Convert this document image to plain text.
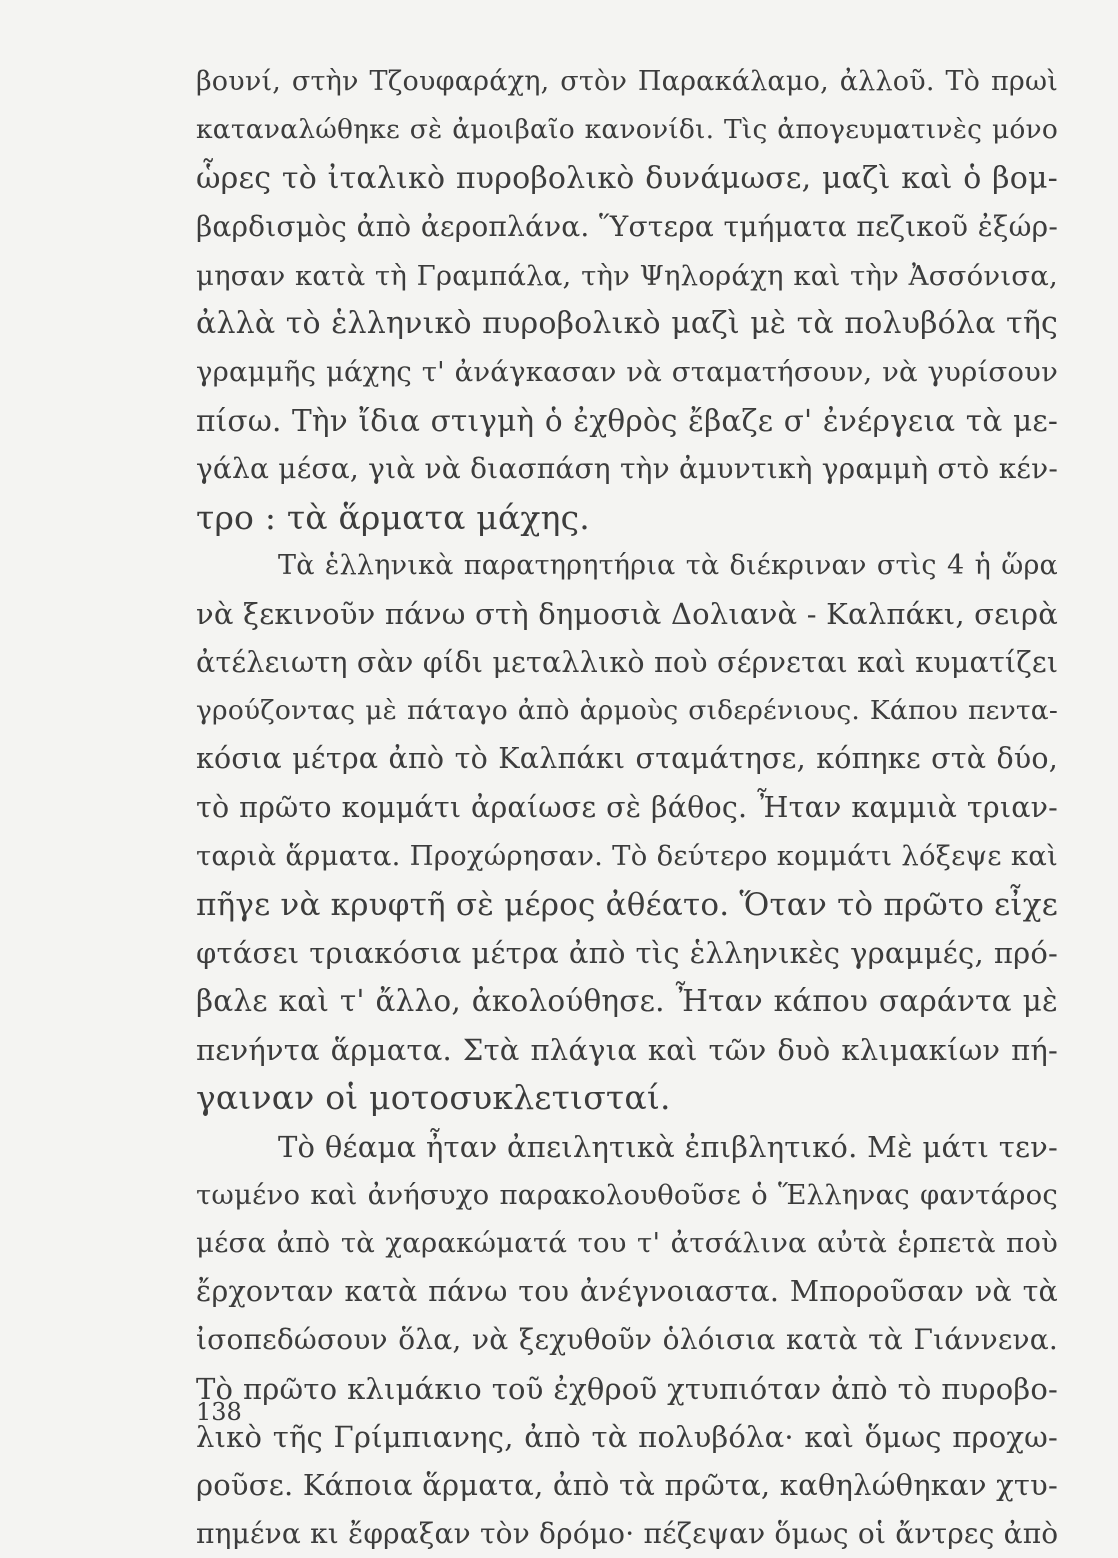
βουνί, στὴν Τζουφαράχη, στὸν Παρακάλαμο, ἀλλοῦ. Τὸ πρωὶ
καταναλώθηκε σὲ ἀμοιβαῖο κανονίδι. Τὶς ἀπογευματινὲς μόνο
ὧρες τὸ ἰταλικὸ πυροβολικὸ δυνάμωσε, μαζὶ καὶ ὁ βομ-
βαρδισμὸς ἀπὸ ἀεροπλάνα. Ὕστερα τμήματα πεζικοῦ ἐξώρ-
μησαν κατὰ τὴ Γραμπάλα, τὴν Ψηλοράχη καὶ τὴν Ἀσσόνισα,
ἀλλὰ τὸ ἑλληνικὸ πυροβολικὸ μαζὶ μὲ τὰ πολυβόλα τῆς
γραμμῆς μάχης τ' ἀνάγκασαν νὰ σταματήσουν, νὰ γυρίσουν
πίσω. Τὴν ἴδια στιγμὴ ὁ ἐχθρὸς ἔβαζε σ' ἐνέργεια τὰ με-
γάλα μέσα, γιὰ νὰ διασπάση τὴν ἀμυντικὴ γραμμὴ στὸ κέν-
τρο : τὰ ἅρματα μάχης.
Τὰ ἑλληνικὰ παρατηρητήρια τὰ διέκριναν στὶς 4 ἡ ὥρα
νὰ ξεκινοῦν πάνω στὴ δημοσιὰ Δολιανὰ - Καλπάκι, σειρὰ
ἀτέλειωτη σὰν φίδι μεταλλικὸ ποὺ σέρνεται καὶ κυματίζει
γρούζοντας μὲ πάταγο ἀπὸ ἁρμοὺς σιδερένιους. Κάπου πεντα-
κόσια μέτρα ἀπὸ τὸ Καλπάκι σταμάτησε, κόπηκε στὰ δύο,
τὸ πρῶτο κομμάτι ἀραίωσε σὲ βάθος. Ἦταν καμμιὰ τριαν-
ταριὰ ἅρματα. Προχώρησαν. Τὸ δεύτερο κομμάτι λόξεψε καὶ
πῆγε νὰ κρυφτῆ σὲ μέρος ἀθέατο. Ὅταν τὸ πρῶτο εἶχε
φτάσει τριακόσια μέτρα ἀπὸ τὶς ἑλληνικὲς γραμμές, πρό-
βαλε καὶ τ' ἄλλο, ἀκολούθησε. Ἦταν κάπου σαράντα μὲ
πενήντα ἅρματα. Στὰ πλάγια καὶ τῶν δυὸ κλιμακίων πή-
γαιναν οἱ μοτοσυκλετισταί.
Τὸ θέαμα ἦταν ἀπειλητικὰ ἐπιβλητικό. Μὲ μάτι τεν-
τωμένο καὶ ἀνήσυχο παρακολουθοῦσε ὁ Ἕλληνας φαντάρος
μέσα ἀπὸ τὰ χαρακώματά του τ' ἀτσάλινα αὐτὰ ἑρπετὰ ποὺ
ἔρχονταν κατὰ πάνω του ἀνέγνοιαστα. Μποροῦσαν νὰ τὰ
ἰσοπεδώσουν ὅλα, νὰ ξεχυθοῦν ὁλόισια κατὰ τὰ Γιάννενα.
Τὸ πρῶτο κλιμάκιο τοῦ ἐχθροῦ χτυπιόταν ἀπὸ τὸ πυροβο-
λικὸ τῆς Γρίμπιανης, ἀπὸ τὰ πολυβόλα· καὶ ὅμως προχω-
ροῦσε. Κάποια ἅρματα, ἀπὸ τὰ πρῶτα, καθηλώθηκαν χτυ-
πημένα κι ἔφραξαν τὸν δρόμο· πέζεψαν ὅμως οἱ ἄντρες ἀπὸ
138
